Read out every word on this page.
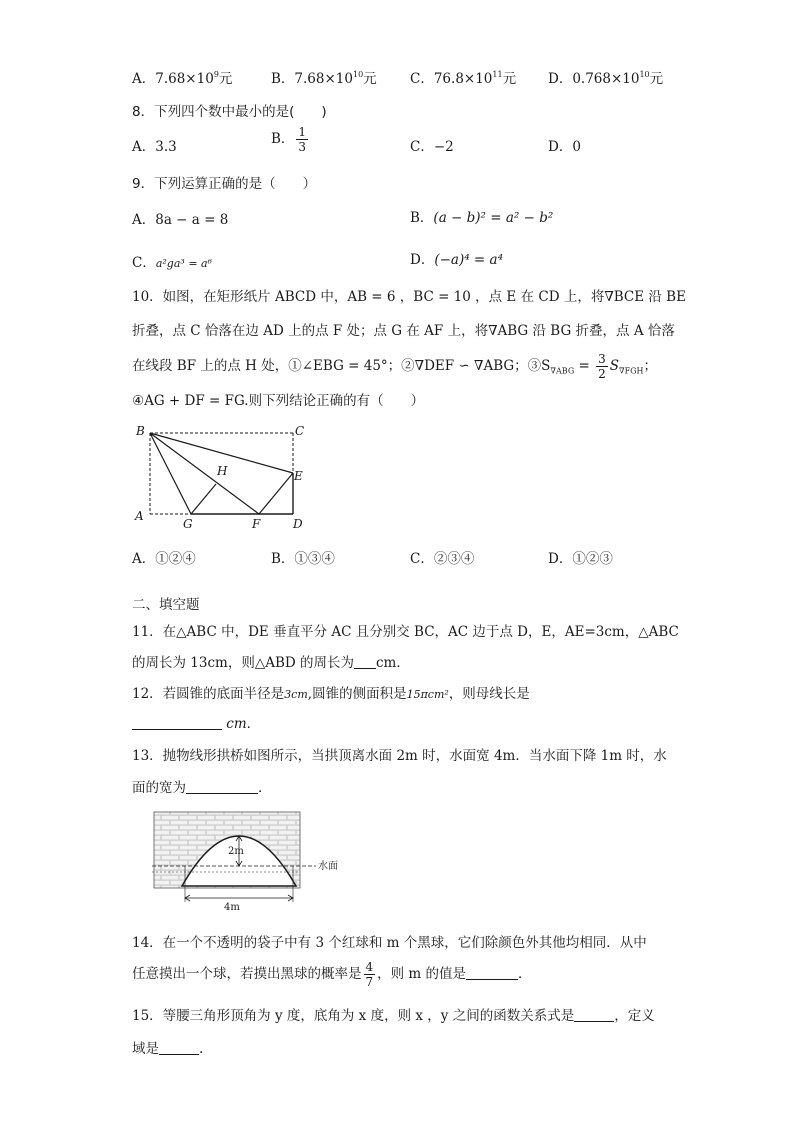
A．$7.68\times 10^9$元	B．$7.68\times 10^{10}$元 C．$76.8\times 10^{11}$元 D．$0.768\times 10^{10}$元
8．下列四个数中最小的是(　　)
A．3.3	B． $\frac{1}{3}$	C．−2	D．0
9．下列运算正确的是（　　）
A．8a − a = 8	B．(a − b)² = a² − b²
C．a²ga³ = a⁶	D．(−a)⁴ = a⁴
10．如图，在矩形纸片 ABCD 中，AB = 6 ，BC = 10 ，点 E 在 CD 上，将∇BCE 沿 BE
折叠，点 C 恰落在边 AD 上的点 F 处；点 G 在 AF 上，将∇ABG 沿 BG 折叠，点 A 恰落
在线段 BF 上的点 H 处，①∠EBG = 45°；②∇DEF ∽ ∇ABG；$③S_{\nabla ABG} = \frac{3}{2} S_{\nabla FGH}$；
④AG + DF = FG.则下列结论正确的有（　　）
B	C
H	E
A
G	F	D
A．①②④	B．①③④	C．②③④	D．①②③
二、填空题
11．在△ABC 中，DE 垂直平分 AC 且分别交 BC，AC 边于点 D，E，AE=3cm，△ABC
的周长为 13cm，则△ABD 的周长为 cm．
12．若圆锥的底面半径是3cm,圆锥的侧面积是15πcm²，则母线长是
cm．
13．抛物线形拱桥如图所示，当拱顶离水面 2m 时，水面宽 4m．当水面下降 1m 时，水
面的宽为	．
2m
4m
水面
14．在一个不透明的袋子中有 3 个红球和 m 个黑球，它们除颜色外其他均相同．从中
任意摸出一个球，若摸出黑球的概率是 $\frac{4}{7}$ ，则 m 的值是	．
15．等腰三角形顶角为 y 度，底角为 x 度，则 x ，y 之间的函数关系式是	，定义
域是	.
